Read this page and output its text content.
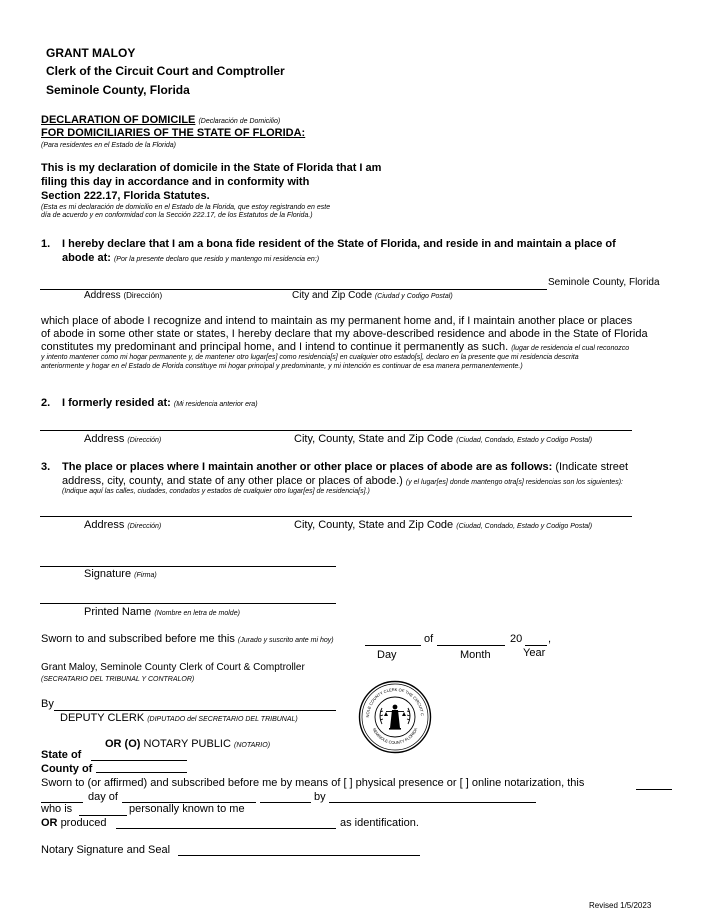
GRANT MALOY
Clerk of the Circuit Court and Comptroller
Seminole County, Florida
DECLARATION OF DOMICILE (Declaración de Domicilio)
FOR DOMICILIARIES OF THE STATE OF FLORIDA:
(Para residentes en el Estado de la Florida)
This is my declaration of domicile in the State of Florida that I am
filing this day in accordance and in conformity with
Section 222.17, Florida Statutes.
(Esta es mi declaración de domicilio en el Estado de la Florida, que estoy registrando en este
día de acuerdo y en conformidad con la Sección 222.17, de los Estatutos de la Florida.)
1. I hereby declare that I am a bona fide resident of the State of Florida, and reside in and maintain a place of
abode at: (Por la presente declaro que resido y mantengo mi residencia en:)
Seminole County, Florida
Address (Dirección)	City and Zip Code (Ciudad y Codigo Postal)
which place of abode I recognize and intend to maintain as my permanent home and, if I maintain another place or places
of abode in some other state or states, I hereby declare that my above-described residence and abode in the State of Florida
constitutes my predominant and principal home, and I intend to continue it permanently as such. (lugar de residencia el cual reconozco
y intento mantener como mi hogar permanente y, de mantener otro lugar[es] como residencia[s] en cualquier otro estado[s], declaro en la presente que mi residencia descrita
anteriormente y hogar en el Estado de Florida constituye mi hogar principal y predominante, y mi intención es continuar de esa manera permanentemente.)
2. I formerly resided at: (Mi residencia anterior era)
Address (Dirección)	City, County, State and Zip Code (Ciudad, Condado, Estado y Codigo Postal)
3. The place or places where I maintain another or other place or places of abode are as follows: (Indicate street
address, city, county, and state of any other place or places of abode.) (y el lugar[es] donde mantengo otra[s] residencias son los siguientes):
(Indique aquí las calles, ciudades, condados y estados de cualquier otro lugar[es] de residencia[s].)
Address (Dirección)	City, County, State and Zip Code (Ciudad, Condado, Estado y Codigo Postal)
Signature (Firma)
Printed Name (Nombre en letra de molde)
Sworn to and subscribed before me this (Jurado y suscrito ante mi hoy)	of	20 ,
Day	Month	Year
Grant Maloy, Seminole County Clerk of Court & Comptroller
(SECRATARIO DEL TRIBUNAL Y CONTRALOR)
By
DEPUTY CLERK (DIPUTADO del SECRETARIO DEL TRIBUNAL)
OR (O) NOTARY PUBLIC (NOTARIO)
NOLE COUNTY CLERK OF THE CIRCUIT C
SEMINOLE COUNTY FLORIDA
State of
County of
Sworn to (or affirmed) and subscribed before me by means of [ ] physical presence or [ ] online notarization, this
day of	by
who is	personally known to me
OR produced	as identification.
Notary Signature and Seal
Revised 1/5/2023
